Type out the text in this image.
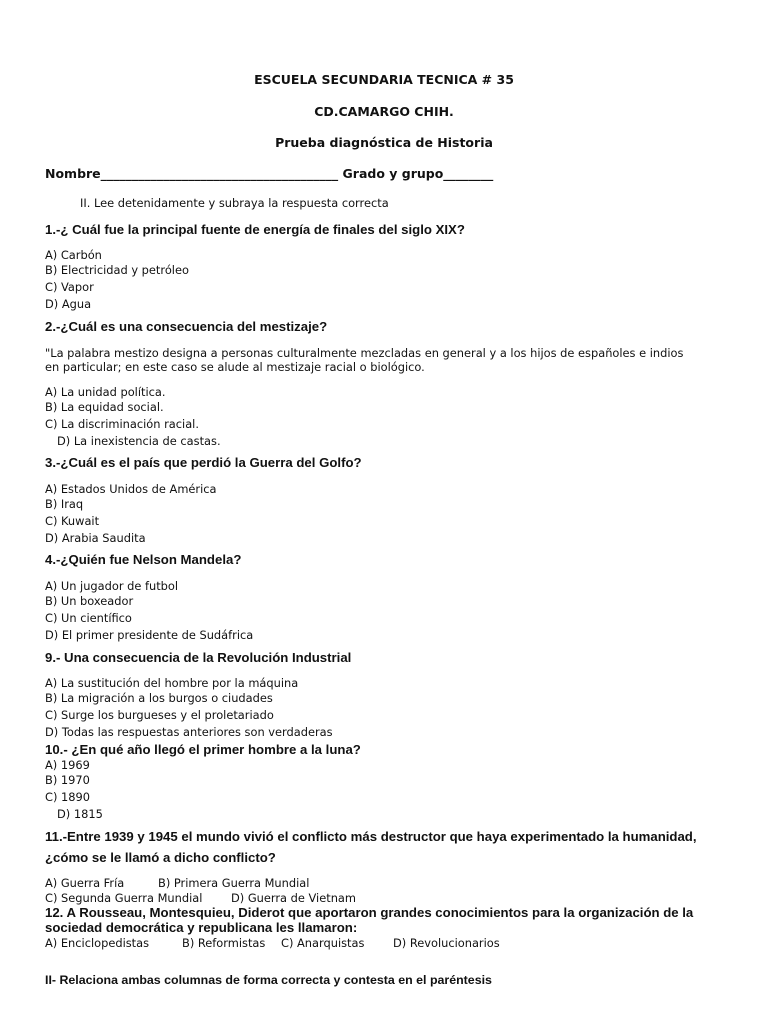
ESCUELA SECUNDARIA TECNICA # 35
CD.CAMARGO CHIH.
Prueba diagnóstica de Historia
Nombre______________________________________ Grado y grupo________
II. Lee detenidamente y subraya la respuesta correcta
1.-¿ Cuál fue la principal fuente de energía de finales del siglo XIX?
A) Carbón
B) Electricidad y petróleo
C) Vapor
D) Agua
2.-¿Cuál es una consecuencia del mestizaje?
"La palabra mestizo designa a personas culturalmente mezcladas en general y a los hijos de españoles e indios
en particular; en este caso se alude al mestizaje racial o biológico.
A) La unidad política.
B) La equidad social.
C) La discriminación racial.
D) La inexistencia de castas.
3.-¿Cuál es el país que perdió la Guerra del Golfo?
A) Estados Unidos de América
B) Iraq
C) Kuwait
D) Arabia Saudita
4.-¿Quién fue Nelson Mandela?
A) Un jugador de futbol
B) Un boxeador
C) Un científico
D) El primer presidente de Sudáfrica
9.- Una consecuencia de la Revolución Industrial
A) La sustitución del hombre por la máquina
B) La migración a los burgos o ciudades
C) Surge los burgueses y el proletariado
D) Todas las respuestas anteriores son verdaderas
10.- ¿En qué año llegó el primer hombre a la luna?
A) 1969
B) 1970
C) 1890
D) 1815
11.-Entre 1939 y 1945 el mundo vivió el conflicto más destructor que haya experimentado la humanidad,
¿cómo se le llamó a dicho conflicto?
A) Guerra Fría	B) Primera Guerra Mundial
C) Segunda Guerra Mundial	D) Guerra de Vietnam
12. A Rousseau, Montesquieu, Diderot que aportaron grandes conocimientos para la organización de la
sociedad democrática y republicana les llamaron:
A) Enciclopedistas	B) Reformistas C) Anarquistas	D) Revolucionarios
II- Relaciona ambas columnas de forma correcta y contesta en el paréntesis
